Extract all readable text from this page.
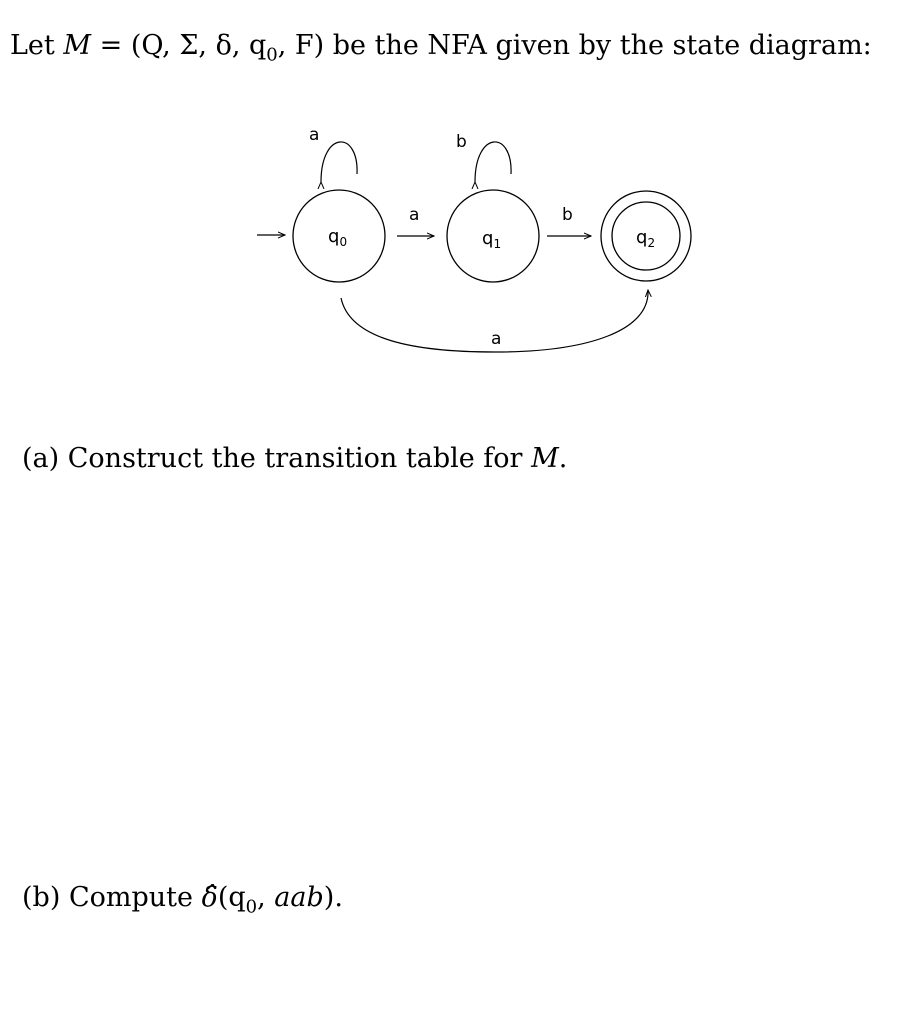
Let M = (Q, Σ, δ, $q_0$, F) be the NFA given by the state diagram:
$q_0$	$q_1$	$q_2$
a	b
a	b
a
(a) Construct the transition table for M.
(b) Compute $\deltâ(q_0$, aab).
